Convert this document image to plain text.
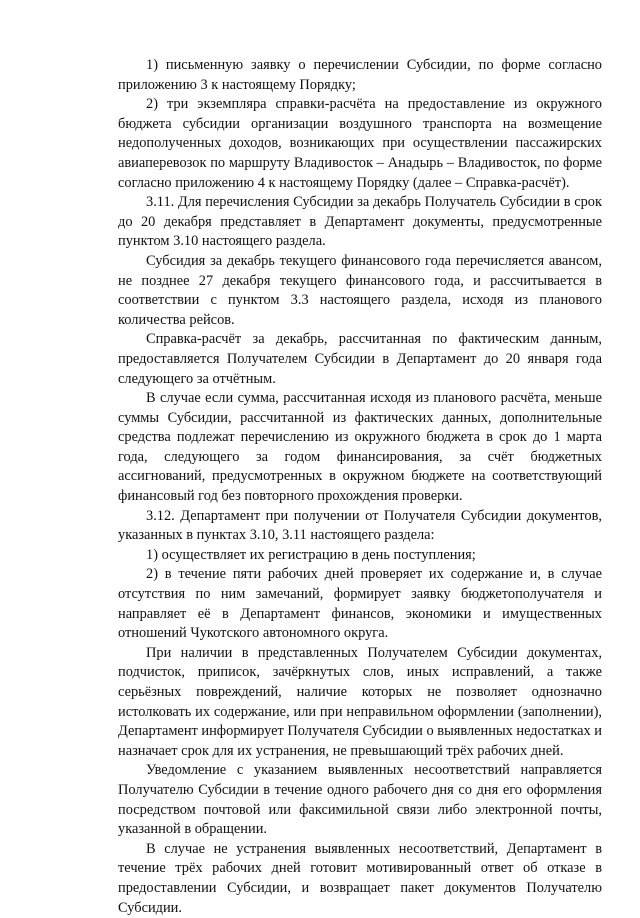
1) письменную заявку о перечислении Субсидии, по форме согласно приложению 3 к настоящему Порядку;

2) три экземпляра справки-расчёта на предоставление из окружного бюджета субсидии организации воздушного транспорта на возмещение недополученных доходов, возникающих при осуществлении пассажирских авиаперевозок по маршруту Владивосток – Анадырь – Владивосток, по форме согласно приложению 4 к настоящему Порядку (далее – Справка-расчёт).

3.11. Для перечисления Субсидии за декабрь Получатель Субсидии в срок до 20 декабря представляет в Департамент документы, предусмотренные пунктом 3.10 настоящего раздела.

Субсидия за декабрь текущего финансового года перечисляется авансом, не позднее 27 декабря текущего финансового года, и рассчитывается в соответствии с пунктом 3.3 настоящего раздела, исходя из планового количества рейсов.

Справка-расчёт за декабрь, рассчитанная по фактическим данным, предоставляется Получателем Субсидии в Департамент до 20 января года следующего за отчётным.

В случае если сумма, рассчитанная исходя из планового расчёта, меньше суммы Субсидии, рассчитанной из фактических данных, дополнительные средства подлежат перечислению из окружного бюджета в срок до 1 марта года, следующего за годом финансирования, за счёт бюджетных ассигнований, предусмотренных в окружном бюджете на соответствующий финансовый год без повторного прохождения проверки.

3.12. Департамент при получении от Получателя Субсидии документов, указанных в пунктах 3.10, 3.11 настоящего раздела:

1) осуществляет их регистрацию в день поступления;

2) в течение пяти рабочих дней проверяет их содержание и, в случае отсутствия по ним замечаний, формирует заявку бюджетополучателя и направляет её в Департамент финансов, экономики и имущественных отношений Чукотского автономного округа.

При наличии в представленных Получателем Субсидии документах, подчисток, приписок, зачёркнутых слов, иных исправлений, а также серьёзных повреждений, наличие которых не позволяет однозначно истолковать их содержание, или при неправильном оформлении (заполнении), Департамент информирует Получателя Субсидии о выявленных недостатках и назначает срок для их устранения, не превышающий трёх рабочих дней.

Уведомление с указанием выявленных несоответствий направляется Получателю Субсидии в течение одного рабочего дня со дня его оформления посредством почтовой или факсимильной связи либо электронной почты, указанной в обращении.

В случае не устранения выявленных несоответствий, Департамент в течение трёх рабочих дней готовит мотивированный ответ об отказе в предоставлении Субсидии, и возвращает пакет документов Получателю Субсидии.
